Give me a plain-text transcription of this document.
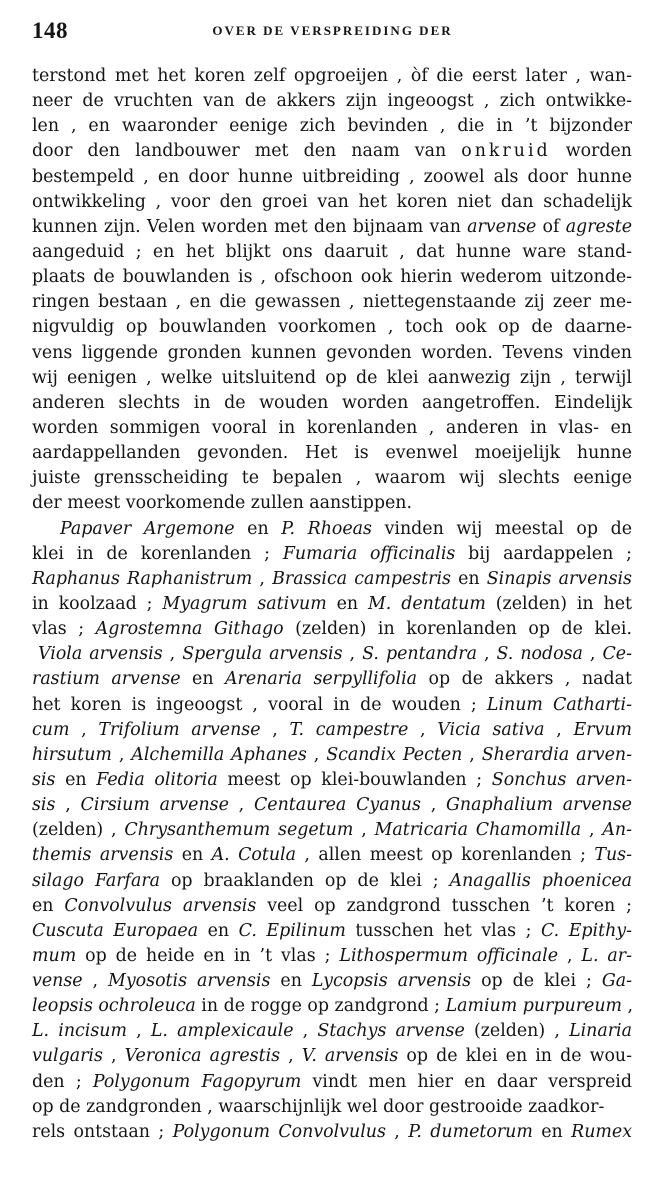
148	OVER DE VERSPREIDING DER
terstond met het koren zelf opgroeijen , òf die eerst later , wan-
neer de vruchten van de akkers zijn ingeoogst , zich ontwikke-
len , en waaronder eenige zich bevinden , die in ’t bijzonder
door den landbouwer met den naam van onkruid worden
bestempeld , en door hunne uitbreiding , zoowel als door hunne
ontwikkeling , voor den groei van het koren niet dan schadelijk
kunnen zijn. Velen worden met den bijnaam van arvense of agreste
aangeduid ; en het blijkt ons daaruit , dat hunne ware stand-
plaats de bouwlanden is , ofschoon ook hierin wederom uitzonde-
ringen bestaan , en die gewassen , niettegenstaande zij zeer me-
nigvuldig op bouwlanden voorkomen , toch ook op de daarne-
vens liggende gronden kunnen gevonden worden. Tevens vinden
wij eenigen , welke uitsluitend op de klei aanwezig zijn , terwijl
anderen slechts in de wouden worden aangetroffen. Eindelijk
worden sommigen vooral in korenlanden , anderen in vlas- en
aardappellanden gevonden. Het is evenwel moeijelijk hunne
juiste grensscheiding te bepalen , waarom wij slechts eenige
der meest voorkomende zullen aanstippen.
Papaver Argemone en P. Rhoeas vinden wij meestal op de
klei in de korenlanden ; Fumaria officinalis bij aardappelen ;
Raphanus Raphanistrum , Brassica campestris en Sinapis arvensis
in koolzaad ; Myagrum sativum en M. dentatum (zelden) in het
vlas ; Agrostemna Githago (zelden) in korenlanden op de klei.
Viola arvensis , Spergula arvensis , S. pentandra , S. nodosa , Ce-
rastium arvense en Arenaria serpyllifolia op de akkers , nadat
het koren is ingeoogst , vooral in de wouden ; Linum Catharti-
cum , Trifolium arvense , T. campestre , Vicia sativa , Ervum
hirsutum , Alchemilla Aphanes , Scandix Pecten , Sherardia arven-
sis en Fedia olitoria meest op klei-bouwlanden ; Sonchus arven-
sis , Cirsium arvense , Centaurea Cyanus , Gnaphalium arvense
(zelden) , Chrysanthemum segetum , Matricaria Chamomilla , An-
themis arvensis en A. Cotula , allen meest op korenlanden ; Tus-
silago Farfara op braaklanden op de klei ; Anagallis phoenicea
en Convolvulus arvensis veel op zandgrond tusschen ’t koren ;
Cuscuta Europaea en C. Epilinum tusschen het vlas ; C. Epithy-
mum op de heide en in ’t vlas ; Lithospermum officinale , L. ar-
vense , Myosotis arvensis en Lycopsis arvensis op de klei ; Ga-
leopsis ochroleuca in de rogge op zandgrond ; Lamium purpureum ,
L. incisum , L. amplexicaule , Stachys arvense (zelden) , Linaria
vulgaris , Veronica agrestis , V. arvensis op de klei en in de wou-
den ; Polygonum Fagopyrum vindt men hier en daar verspreid
op de zandgronden , waarschijnlijk wel door gestrooide zaadkor-
rels ontstaan ; Polygonum Convolvulus , P. dumetorum en Rumex
